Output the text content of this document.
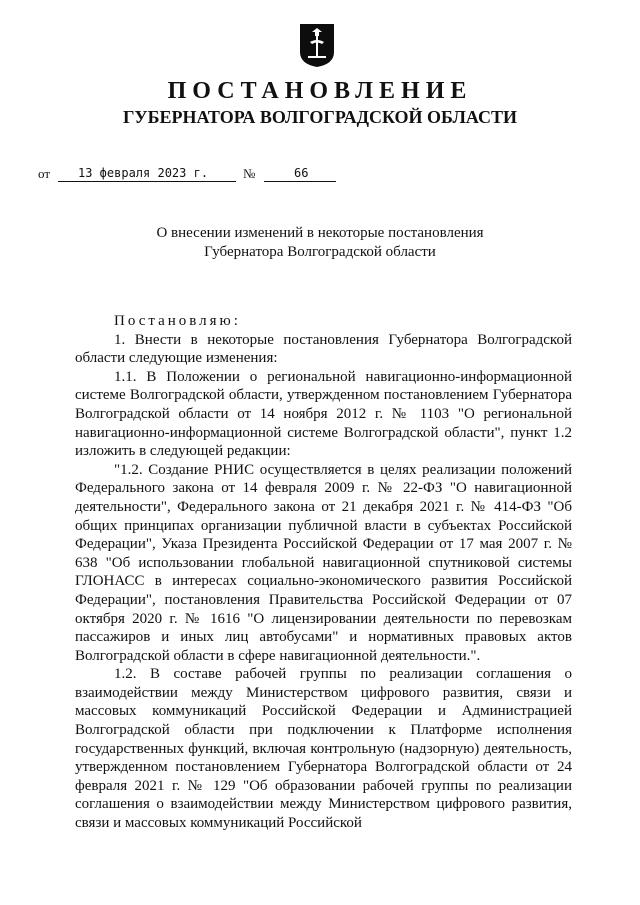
ПОСТАНОВЛЕНИЕ
ГУБЕРНАТОРА ВОЛГОГРАДСКОЙ ОБЛАСТИ
от	13 февраля 2023 г.	№	66
О внесении изменений в некоторые постановления
Губернатора Волгоградской области

Постановляю:

1. Внести в некоторые постановления Губернатора Волгоградской области следующие изменения:

1.1. В Положении о региональной навигационно-информационной системе Волгоградской области, утвержденном постановлением Губернатора Волгоградской области от 14 ноября 2012 г. № 1103 "О региональной навигационно-информационной системе Волгоградской области", пункт 1.2 изложить в следующей редакции:

"1.2. Создание РНИС осуществляется в целях реализации положений Федерального закона от 14 февраля 2009 г. № 22-ФЗ "О навигационной деятельности", Федерального закона от 21 декабря 2021 г. № 414-ФЗ "Об общих принципах организации публичной власти в субъектах Российской Федерации", Указа Президента Российской Федерации от 17 мая 2007 г. № 638 "Об использовании глобальной навигационной спутниковой системы ГЛОНАСС в интересах социально-экономического развития Российской Федерации", постановления Правительства Российской Федерации от 07 октября 2020 г. № 1616 "О лицензировании деятельности по перевозкам пассажиров и иных лиц автобусами" и нормативных правовых актов Волгоградской области в сфере навигационной деятельности.".

1.2. В составе рабочей группы по реализации соглашения о взаимодействии между Министерством цифрового развития, связи и массовых коммуникаций Российской Федерации и Администрацией Волгоградской области при подключении к Платформе исполнения государственных функций, включая контрольную (надзорную) деятельность, утвержденном постановлением Губернатора Волгоградской области от 24 февраля 2021 г. № 129 "Об образовании рабочей группы по реализации соглашения о взаимодействии между Министерством цифрового развития, связи и массовых коммуникаций Российской
